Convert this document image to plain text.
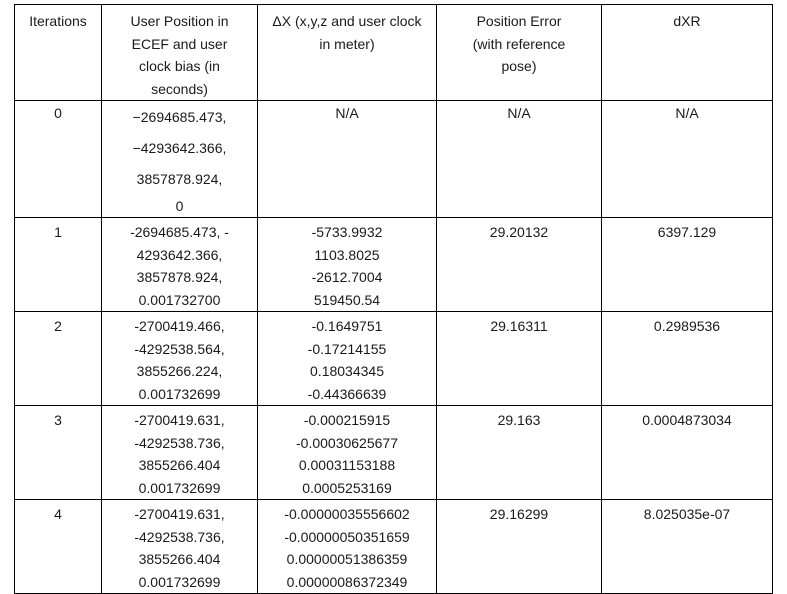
Iterations	User Position in
ECEF and user
clock bias (in
seconds)	ΔX (x,y,z and user clock
in meter)	Position Error
(with reference
pose)	dXR

0	−2694685.473,
−4293642.366,
3857878.924,
0	N/A	N/A	N/A
1	-2694685.473, -
4293642.366,
3857878.924,
0.001732700	-5733.9932
1103.8025
-2612.7004
519450.54	29.20132	6397.129
2	-2700419.466,
-4292538.564,
3855266.224,
0.001732699	-0.1649751
-0.17214155
0.18034345
-0.44366639	29.16311	0.2989536
3	-2700419.631,
-4292538.736,
3855266.404
0.001732699	-0.000215915
-0.00030625677
0.00031153188
0.0005253169	29.163	0.0004873034
4	-2700419.631,
-4292538.736,
3855266.404
0.001732699	-0.00000035556602
-0.00000050351659
0.00000051386359
0.00000086372349	29.16299	8.025035e-07
